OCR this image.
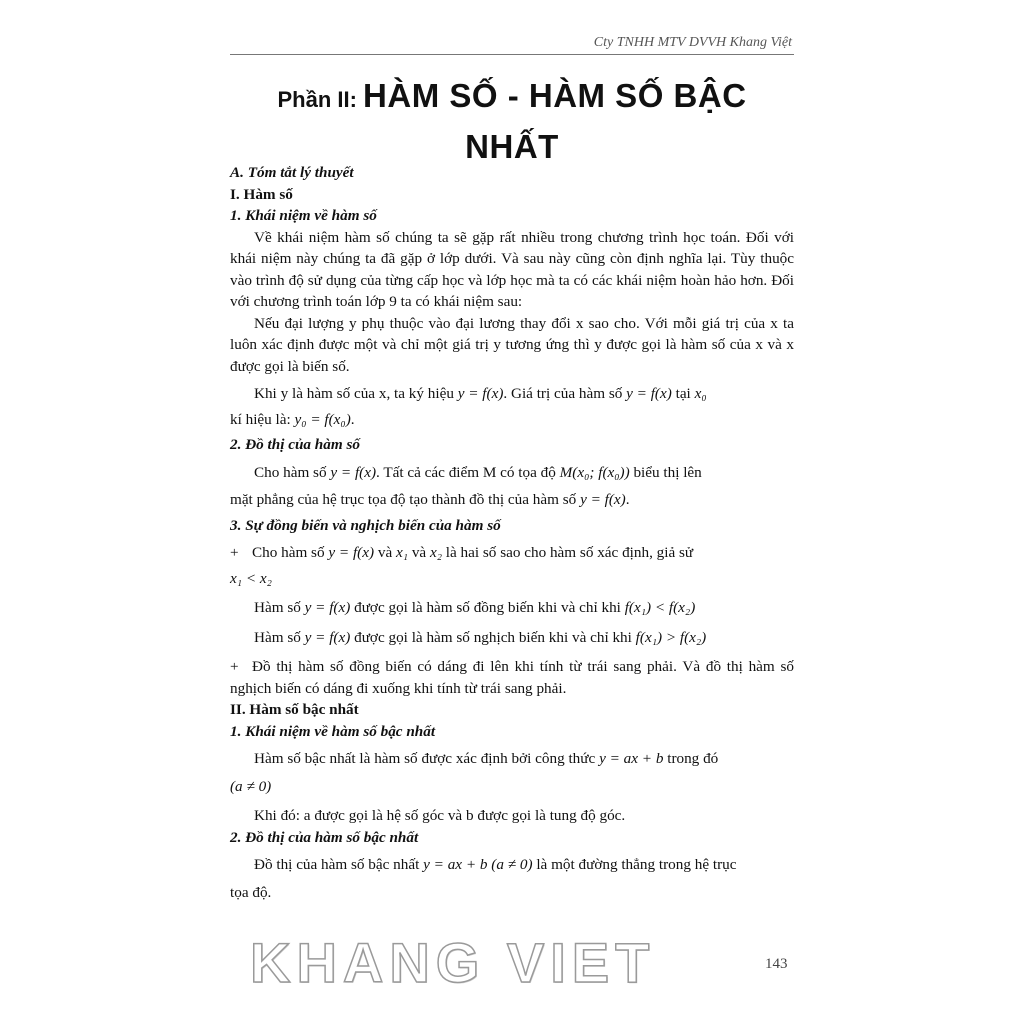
Cty TNHH MTV DVVH Khang Việt
Phần II: HÀM SỐ - HÀM SỐ BẬC NHẤT

A. Tóm tắt lý thuyết

I. Hàm số

1. Khái niệm về hàm số

Về khái niệm hàm số chúng ta sẽ gặp rất nhiều trong chương trình học toán. Đối với khái niệm này chúng ta đã gặp ở lớp dưới. Và sau này cũng còn định nghĩa lại. Tùy thuộc vào trình độ sử dụng của từng cấp học và lớp học mà ta có các khái niệm hoàn hảo hơn. Đối với chương trình toán lớp 9 ta có khái niệm sau:

Nếu đại lượng y phụ thuộc vào đại lương thay đổi x sao cho. Với mỗi giá trị của x ta luôn xác định được một và chỉ một giá trị y tương ứng thì y được gọi là hàm số của x và x được gọi là biến số.

Khi y là hàm số của x, ta ký hiệu y = f(x). Giá trị của hàm số y = f(x) tại x₀

kí hiệu là: y₀ = f(x₀).

2. Đồ thị của hàm số

Cho hàm số y = f(x). Tất cả các điểm M có tọa độ M(x₀; f(x₀)) biểu thị lên

mặt phẳng của hệ trục tọa độ tạo thành đồ thị của hàm số y = f(x).

3. Sự đồng biến và nghịch biến của hàm số

+ Cho hàm số y = f(x) và x₁ và x₂ là hai số sao cho hàm số xác định, giả sử

x₁ < x₂

Hàm số y = f(x) được gọi là hàm số đồng biến khi và chỉ khi f(x₁) < f(x₂)

Hàm số y = f(x) được gọi là hàm số nghịch biến khi và chỉ khi f(x₁) > f(x₂)

+ Đồ thị hàm số đồng biến có dáng đi lên khi tính từ trái sang phải. Và đồ thị hàm số nghịch biến có dáng đi xuống khi tính từ trái sang phải.

II. Hàm số bậc nhất

1. Khái niệm về hàm số bậc nhất

Hàm số bậc nhất là hàm số được xác định bởi công thức y = ax + b trong đó

(a ≠ 0)

Khi đó: a được gọi là hệ số góc và b được gọi là tung độ góc.

2. Đồ thị của hàm số bậc nhất

Đồ thị của hàm số bậc nhất y = ax + b (a ≠ 0) là một đường thẳng trong hệ trục

tọa độ.

KHANG VIET	143
